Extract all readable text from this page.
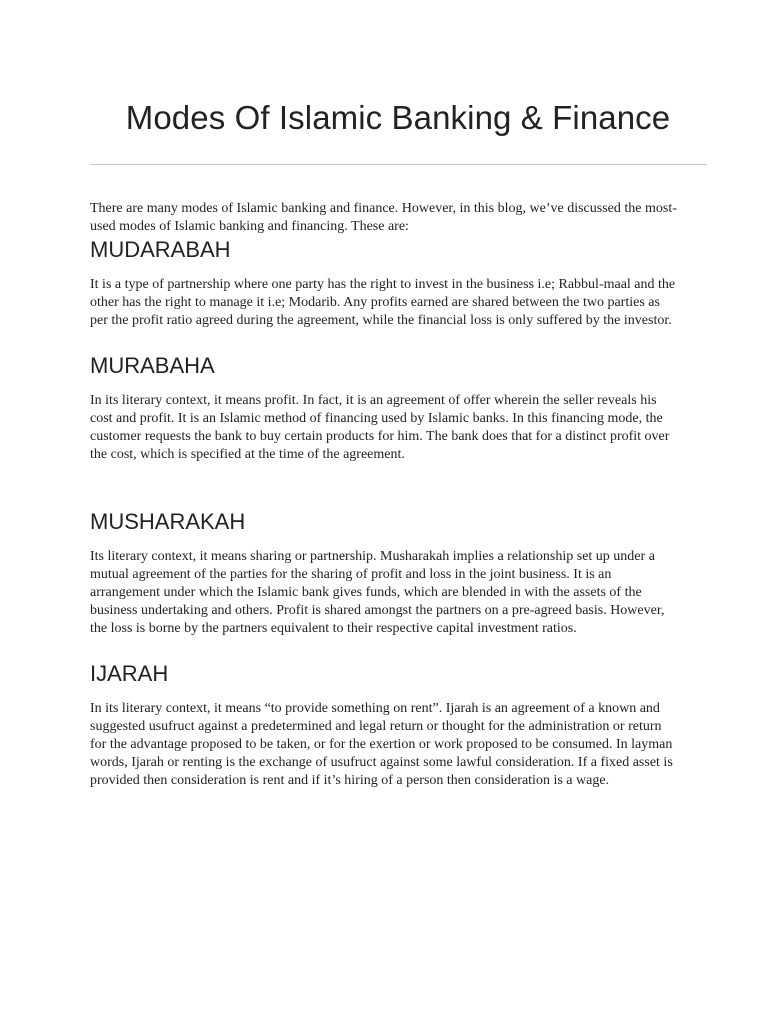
Modes Of Islamic Banking & Finance

There are many modes of Islamic banking and finance. However, in this blog, we’ve discussed the most-used modes of Islamic banking and financing. These are:

MUDARABAH

It is a type of partnership where one party has the right to invest in the business i.e; Rabbul-maal and the other has the right to manage it i.e; Modarib. Any profits earned are shared between the two parties as per the profit ratio agreed during the agreement, while the financial loss is only suffered by the investor.

MURABAHA

In its literary context, it means profit. In fact, it is an agreement of offer wherein the seller reveals his cost and profit. It is an Islamic method of financing used by Islamic banks. In this financing mode, the customer requests the bank to buy certain products for him. The bank does that for a distinct profit over the cost, which is specified at the time of the agreement.

MUSHARAKAH

Its literary context, it means sharing or partnership. Musharakah implies a relationship set up under a mutual agreement of the parties for the sharing of profit and loss in the joint business. It is an arrangement under which the Islamic bank gives funds, which are blended in with the assets of the business undertaking and others. Profit is shared amongst the partners on a pre-agreed basis. However, the loss is borne by the partners equivalent to their respective capital investment ratios.

IJARAH

In its literary context, it means “to provide something on rent”. Ijarah is an agreement of a known and suggested usufruct against a predetermined and legal return or thought for the administration or return for the advantage proposed to be taken, or for the exertion or work proposed to be consumed. In layman words, Ijarah or renting is the exchange of usufruct against some lawful consideration. If a fixed asset is provided then consideration is rent and if it’s hiring of a person then consideration is a wage.
